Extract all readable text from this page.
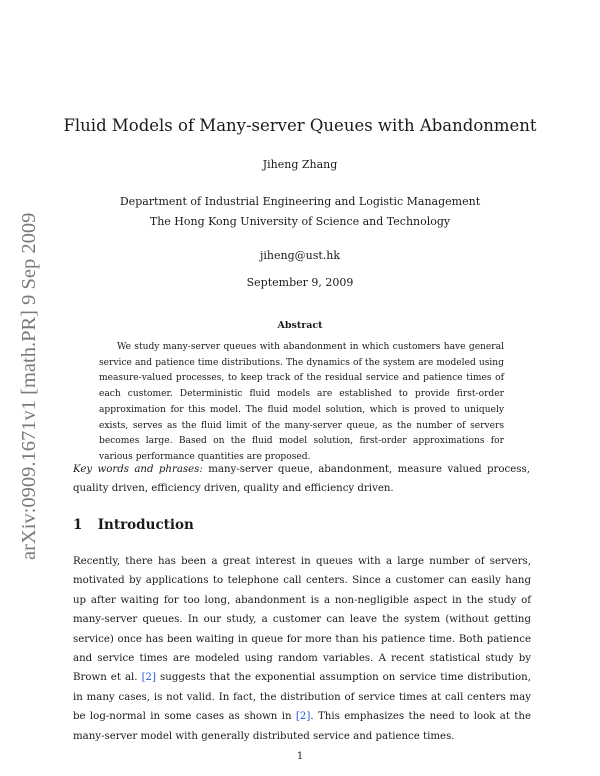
arXiv:0909.1671v1 [math.PR] 9 Sep 2009
Fluid Models of Many-server Queues with Abandonment
Jiheng Zhang
Department of Industrial Engineering and Logistic Management
The Hong Kong University of Science and Technology
jiheng@ust.hk
September 9, 2009
Abstract

We study many-server queues with abandonment in which customers have general service and patience time distributions. The dynamics of the system are modeled using measure-valued processes, to keep track of the residual service and patience times of each customer. Deterministic fluid models are established to provide first-order approximation for this model. The fluid model solution, which is proved to uniquely exists, serves as the fluid limit of the many-server queue, as the number of servers becomes large. Based on the fluid model solution, first-order approximations for various performance quantities are proposed.

Key words and phrases: many-server queue, abandonment, measure valued process, quality driven, efficiency driven, quality and efficiency driven.
1 Introduction

Recently, there has been a great interest in queues with a large number of servers, motivated by applications to telephone call centers. Since a customer can easily hang up after waiting for too long, abandonment is a non-negligible aspect in the study of many-server queues. In our study, a customer can leave the system (without getting service) once has been waiting in queue for more than his patience time. Both patience and service times are modeled using random variables. A recent statistical study by Brown et al. [2] suggests that the exponential assumption on service time distribution, in many cases, is not valid. In fact, the distribution of service times at call centers may be log-normal in some cases as shown in [2]. This emphasizes the need to look at the many-server model with generally distributed service and patience times.

1
